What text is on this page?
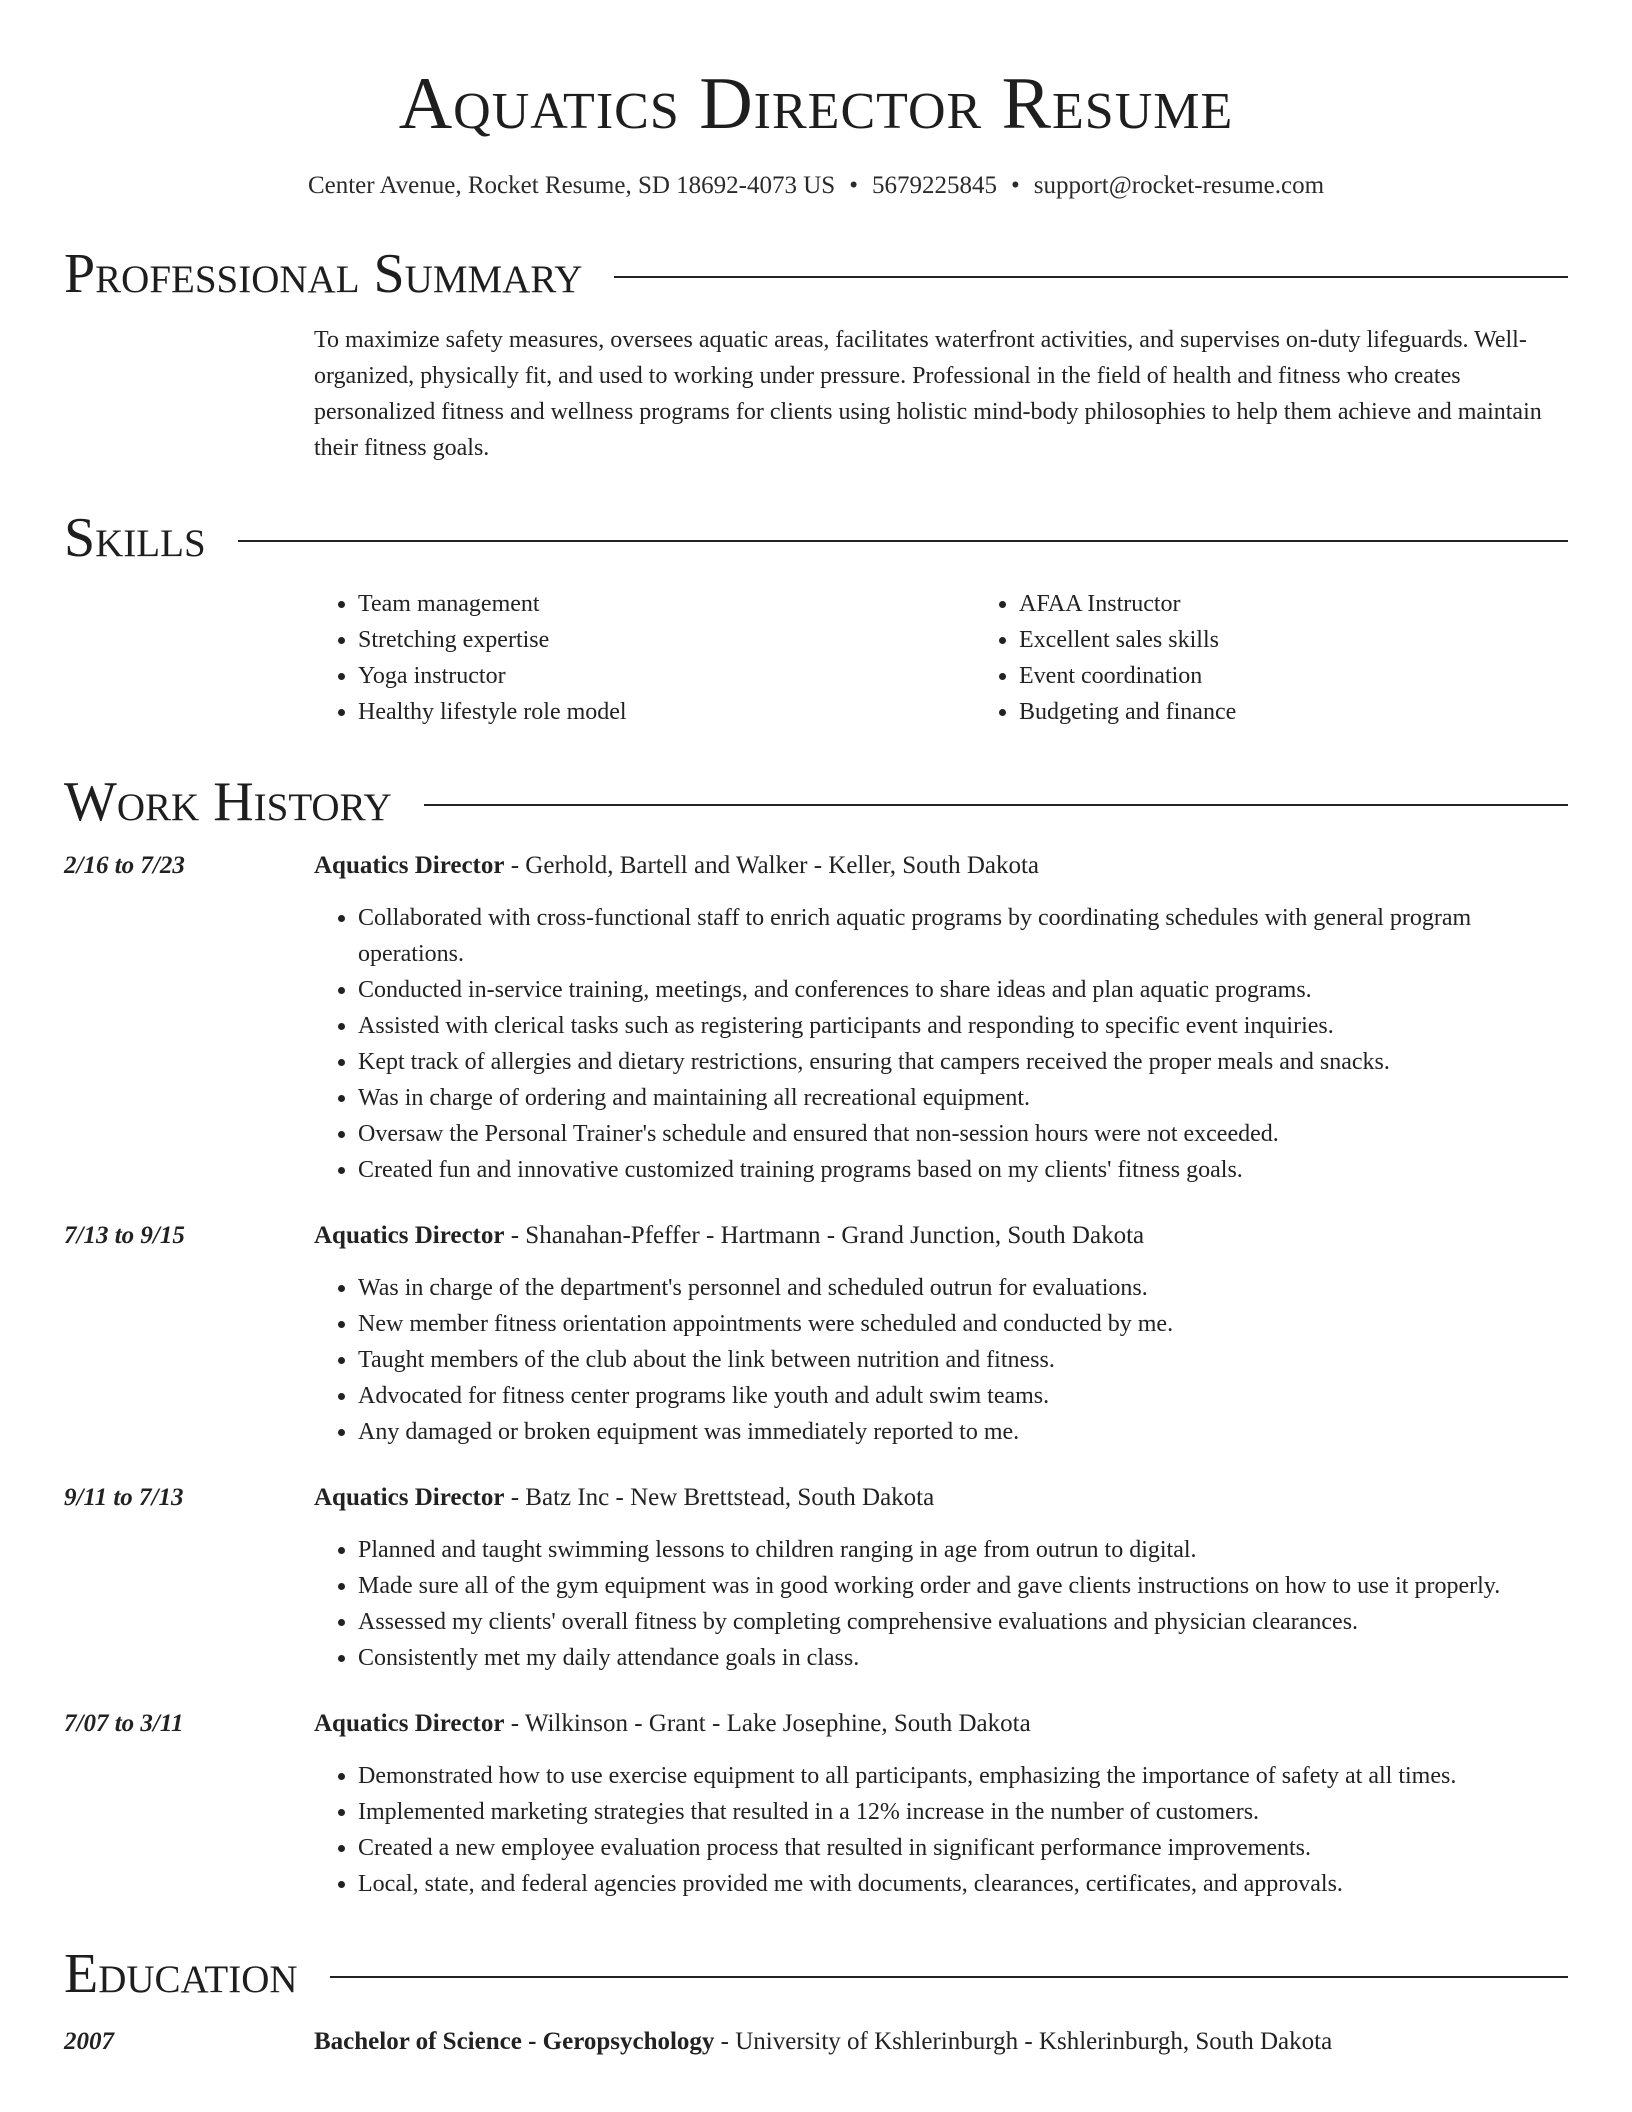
Aquatics Director Resume
Center Avenue, Rocket Resume, SD 18692-4073 US • 5679225845 • support@rocket-resume.com
Professional Summary
To maximize safety measures, oversees aquatic areas, facilitates waterfront activities, and supervises on-duty lifeguards. Well-organized, physically fit, and used to working under pressure. Professional in the field of health and fitness who creates personalized fitness and wellness programs for clients using holistic mind-body philosophies to help them achieve and maintain their fitness goals.
Skills
• Team management
• Stretching expertise
• Yoga instructor
• Healthy lifestyle role model
• AFAA Instructor
• Excellent sales skills
• Event coordination
• Budgeting and finance
Work History
2/16 to 7/23	Aquatics Director - Gerhold, Bartell and Walker - Keller, South Dakota
• Collaborated with cross-functional staff to enrich aquatic programs by coordinating schedules with general program operations.
• Conducted in-service training, meetings, and conferences to share ideas and plan aquatic programs.
• Assisted with clerical tasks such as registering participants and responding to specific event inquiries.
• Kept track of allergies and dietary restrictions, ensuring that campers received the proper meals and snacks.
• Was in charge of ordering and maintaining all recreational equipment.
• Oversaw the Personal Trainer's schedule and ensured that non-session hours were not exceeded.
• Created fun and innovative customized training programs based on my clients' fitness goals.
7/13 to 9/15	Aquatics Director - Shanahan-Pfeffer - Hartmann - Grand Junction, South Dakota
• Was in charge of the department's personnel and scheduled outrun for evaluations.
• New member fitness orientation appointments were scheduled and conducted by me.
• Taught members of the club about the link between nutrition and fitness.
• Advocated for fitness center programs like youth and adult swim teams.
• Any damaged or broken equipment was immediately reported to me.
9/11 to 7/13	Aquatics Director - Batz Inc - New Brettstead, South Dakota
• Planned and taught swimming lessons to children ranging in age from outrun to digital.
• Made sure all of the gym equipment was in good working order and gave clients instructions on how to use it properly.
• Assessed my clients' overall fitness by completing comprehensive evaluations and physician clearances.
• Consistently met my daily attendance goals in class.
7/07 to 3/11	Aquatics Director - Wilkinson - Grant - Lake Josephine, South Dakota
• Demonstrated how to use exercise equipment to all participants, emphasizing the importance of safety at all times.
• Implemented marketing strategies that resulted in a 12% increase in the number of customers.
• Created a new employee evaluation process that resulted in significant performance improvements.
• Local, state, and federal agencies provided me with documents, clearances, certificates, and approvals.
Education
2007	Bachelor of Science - Geropsychology - University of Kshlerinburgh - Kshlerinburgh, South Dakota
